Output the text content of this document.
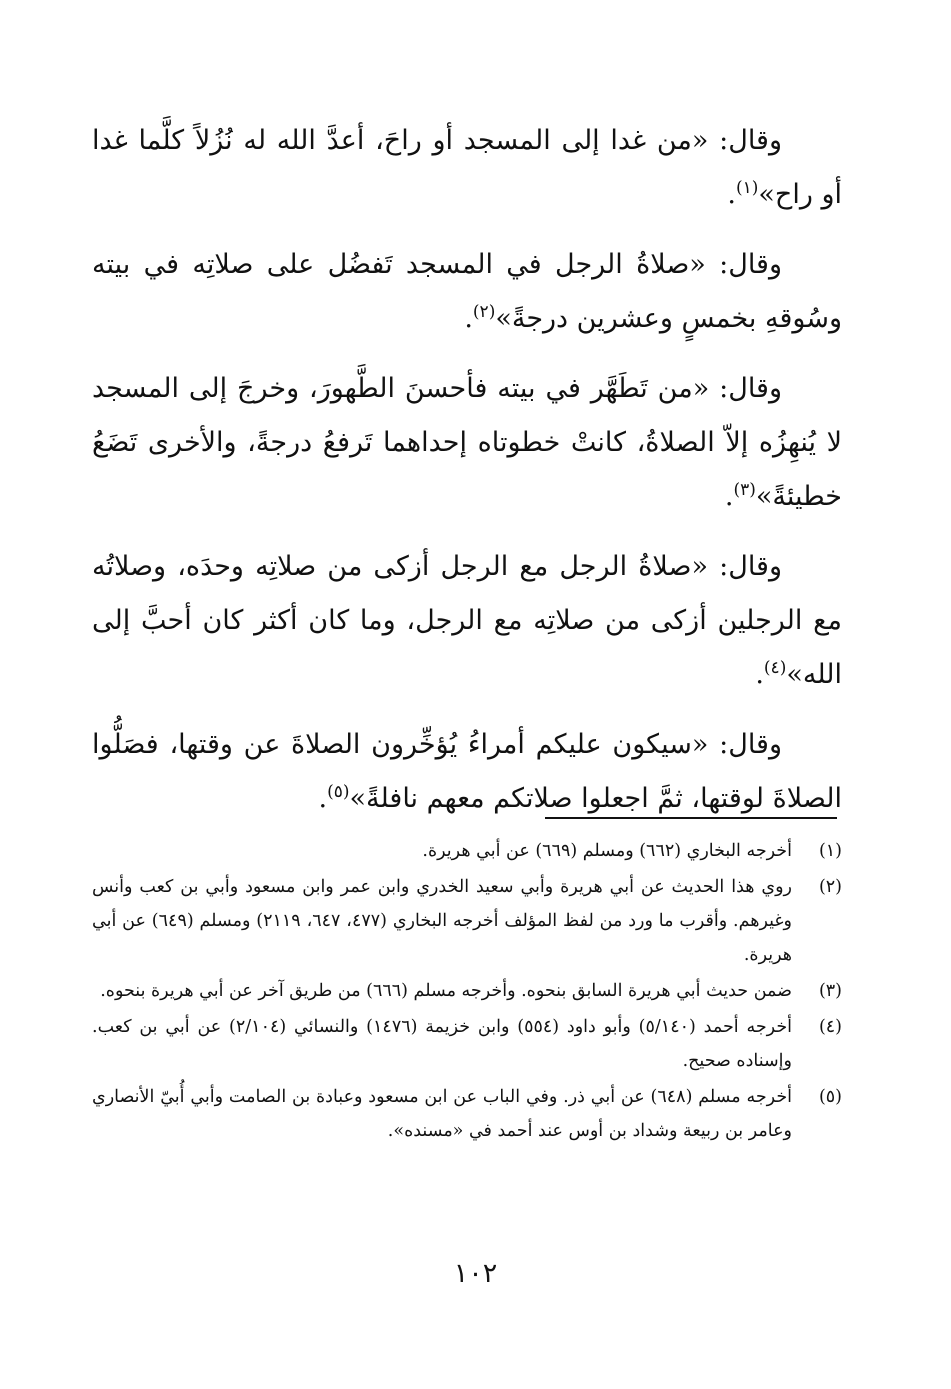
وقال: «من غدا إلى المسجد أو راحَ، أعدَّ الله له نُزُلاً كلَّما غدا أو راح»$^{(١)}$.

وقال: «صلاةُ الرجل في المسجد تَفضُل على صلاتِه في بيته وسُوقهِ بخمسٍ وعشرين درجةً»$^{(٢)}$.

وقال: «من تَطَهَّر في بيته فأحسنَ الطَّهورَ، وخرجَ إلى المسجد لا يُنهِزُه إلاّ الصلاةُ، كانتْ خطوتاه إحداهما تَرفعُ درجةً، والأخرى تَضَعُ خطيئةً»$^{(٣)}$.

وقال: «صلاةُ الرجل مع الرجل أزكى من صلاتِه وحدَه، وصلاتُه مع الرجلين أزكى من صلاتِه مع الرجل، وما كان أكثر كان أحبَّ إلى الله»$^{(٤)}$.

وقال: «سيكون عليكم أمراءُ يُؤخِّرون الصلاةَ عن وقتها، فصَلُّوا الصلاةَ لوقتها، ثمَّ اجعلوا صلاتكم معهم نافلةً»$^{(٥)}$.

(١)
أخرجه البخاري (٦٦٢) ومسلم (٦٦٩) عن أبي هريرة.
(٢)
روي هذا الحديث عن أبي هريرة وأبي سعيد الخدري وابن عمر وابن مسعود وأبي بن كعب وأنس وغيرهم. وأقرب ما ورد من لفظ المؤلف أخرجه البخاري (٤٧٧، ٦٤٧، ٢١١٩) ومسلم (٦٤٩) عن أبي هريرة.
(٣)
ضمن حديث أبي هريرة السابق بنحوه. وأخرجه مسلم (٦٦٦) من طريق آخر عن أبي هريرة بنحوه.
(٤)
أخرجه أحمد (٥/١٤٠) وأبو داود (٥٥٤) وابن خزيمة (١٤٧٦) والنسائي (٢/١٠٤) عن أبي بن كعب. وإسناده صحيح.
(٥)
أخرجه مسلم (٦٤٨) عن أبي ذر. وفي الباب عن ابن مسعود وعبادة بن الصامت وأبي أُبيّ الأنصاري وعامر بن ربيعة وشداد بن أوس عند أحمد في «مسنده».
١٠٢
